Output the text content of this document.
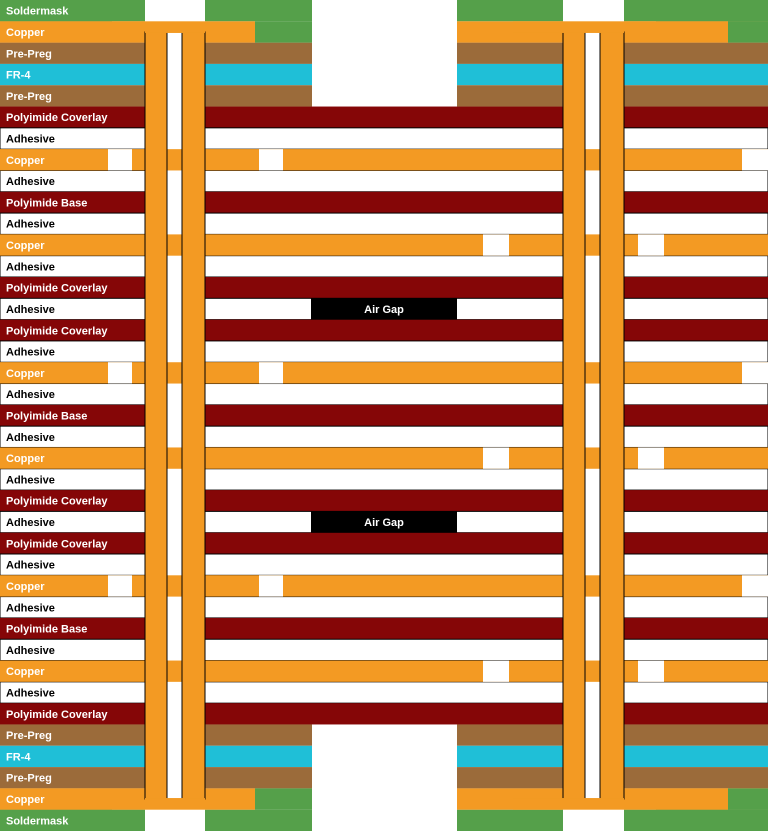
Air Gap
Air Gap
Soldermask
Copper
Pre-Preg
FR-4
Pre-Preg
Polyimide Coverlay
Adhesive
Copper
Adhesive
Polyimide Base
Adhesive
Copper
Adhesive
Polyimide Coverlay
Adhesive
Polyimide Coverlay
Adhesive
Copper
Adhesive
Polyimide Base
Adhesive
Copper
Adhesive
Polyimide Coverlay
Adhesive
Polyimide Coverlay
Adhesive
Copper
Adhesive
Polyimide Base
Adhesive
Copper
Adhesive
Polyimide Coverlay
Pre-Preg
FR-4
Pre-Preg
Copper
Soldermask
